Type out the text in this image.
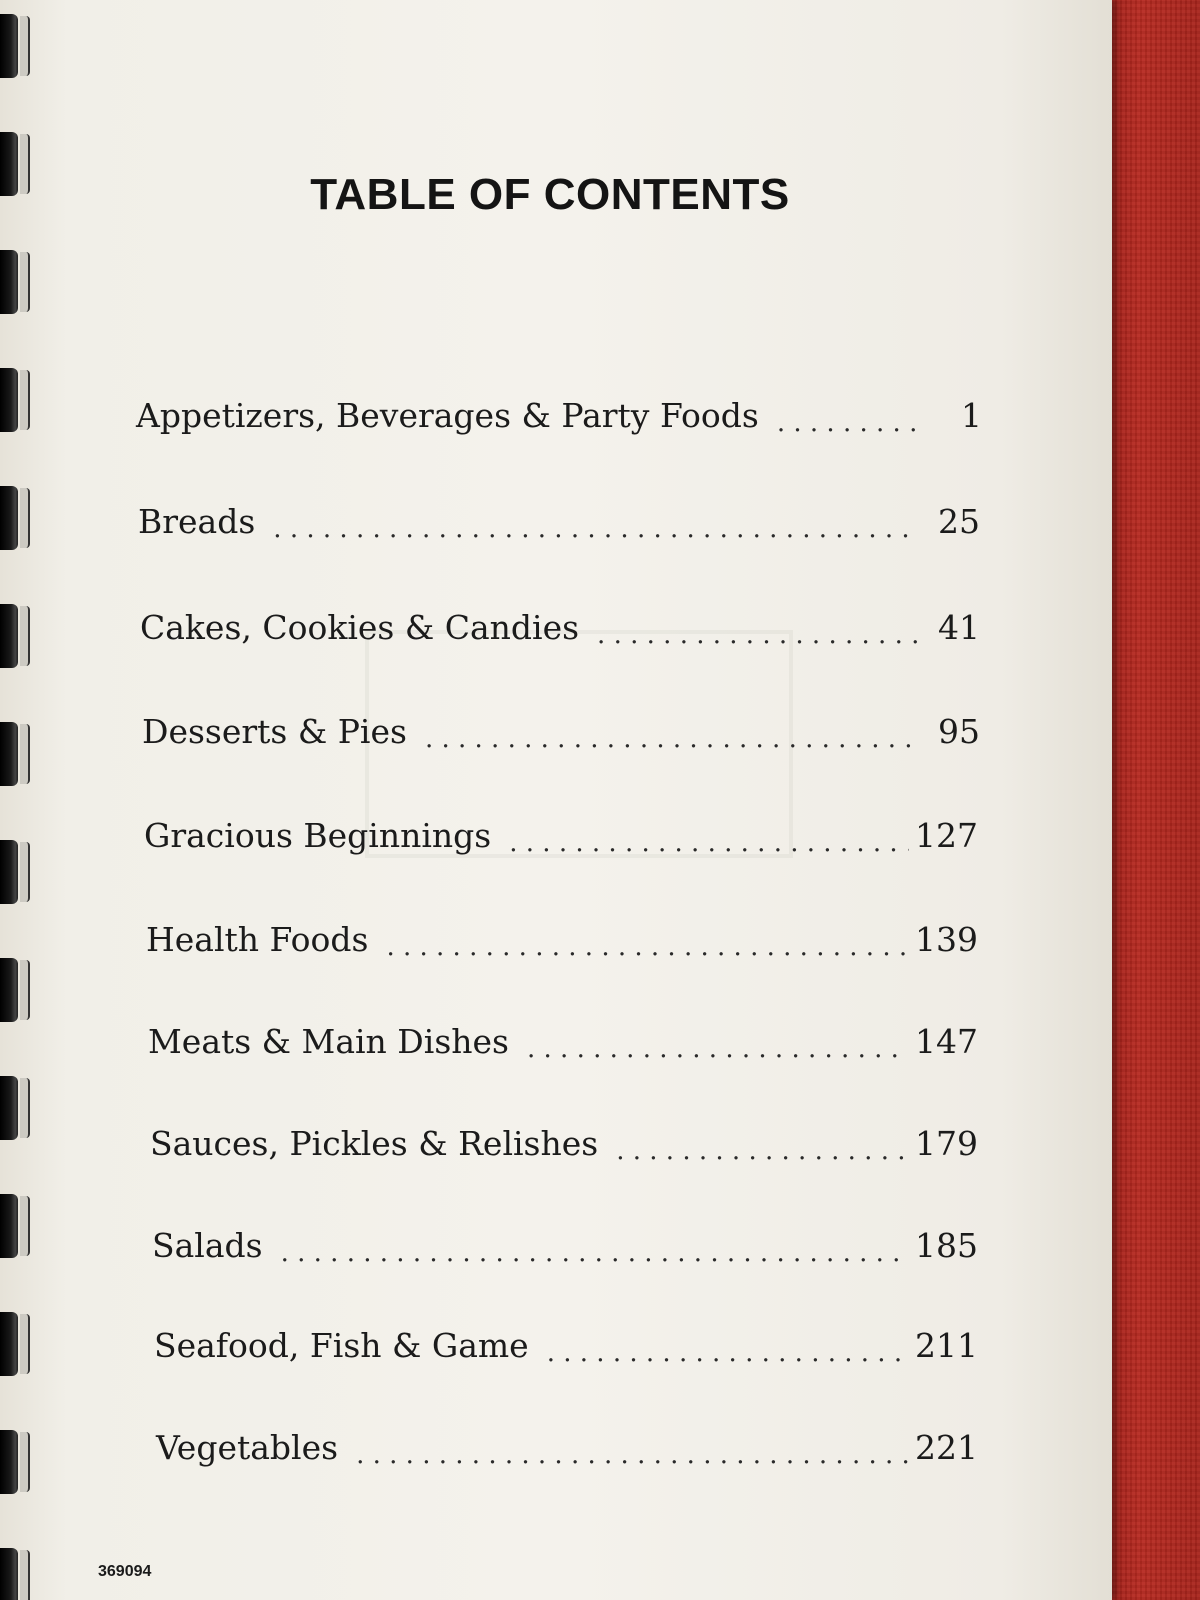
TABLE OF CONTENTS
Appetizers, Beverages & Party Foods . . .	1
Breads . . .	25
Cakes, Cookies & Candies . . .	41
Desserts & Pies . . .	95
Gracious Beginnings . . .	127
Health Foods . . .	139
Meats & Main Dishes . . .	147
Sauces, Pickles & Relishes . . .	179
Salads . . .	185
Seafood, Fish & Game . . .	211
Vegetables . . .	221
369094
